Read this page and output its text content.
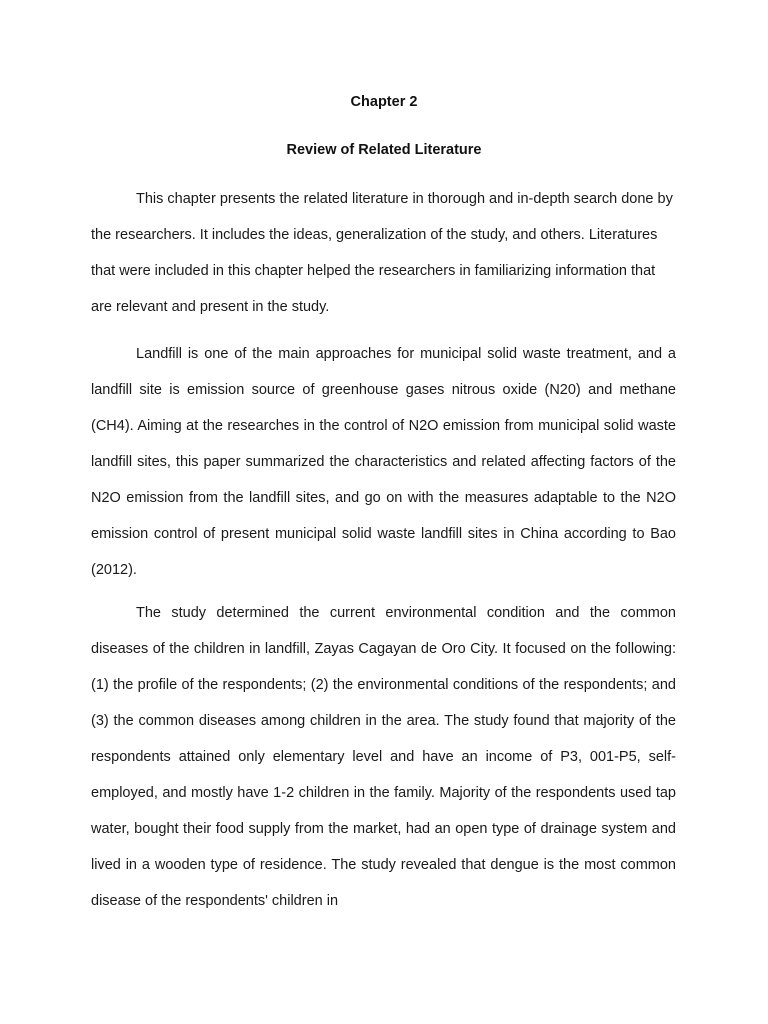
Chapter 2
Review of Related Literature

This chapter presents the related literature in thorough and in-depth search done by the researchers. It includes the ideas, generalization of the study, and others. Literatures that were included in this chapter helped the researchers in familiarizing information that are relevant and present in the study.

Landfill is one of the main approaches for municipal solid waste treatment, and a landfill site is emission source of greenhouse gases nitrous oxide (N20) and methane (CH4). Aiming at the researches in the control of N2O emission from municipal solid waste landfill sites, this paper summarized the characteristics and related affecting factors of the N2O emission from the landfill sites, and go on with the measures adaptable to the N2O emission control of present municipal solid waste landfill sites in China according to Bao (2012).

The study determined the current environmental condition and the common diseases of the children in landfill, Zayas Cagayan de Oro City. It focused on the following: (1) the profile of the respondents; (2) the environmental conditions of the respondents; and (3) the common diseases among children in the area. The study found that majority of the respondents attained only elementary level and have an income of P3, 001-P5, self-employed, and mostly have 1-2 children in the family. Majority of the respondents used tap water, bought their food supply from the market, had an open type of drainage system and lived in a wooden type of residence. The study revealed that dengue is the most common disease of the respondents' children in
